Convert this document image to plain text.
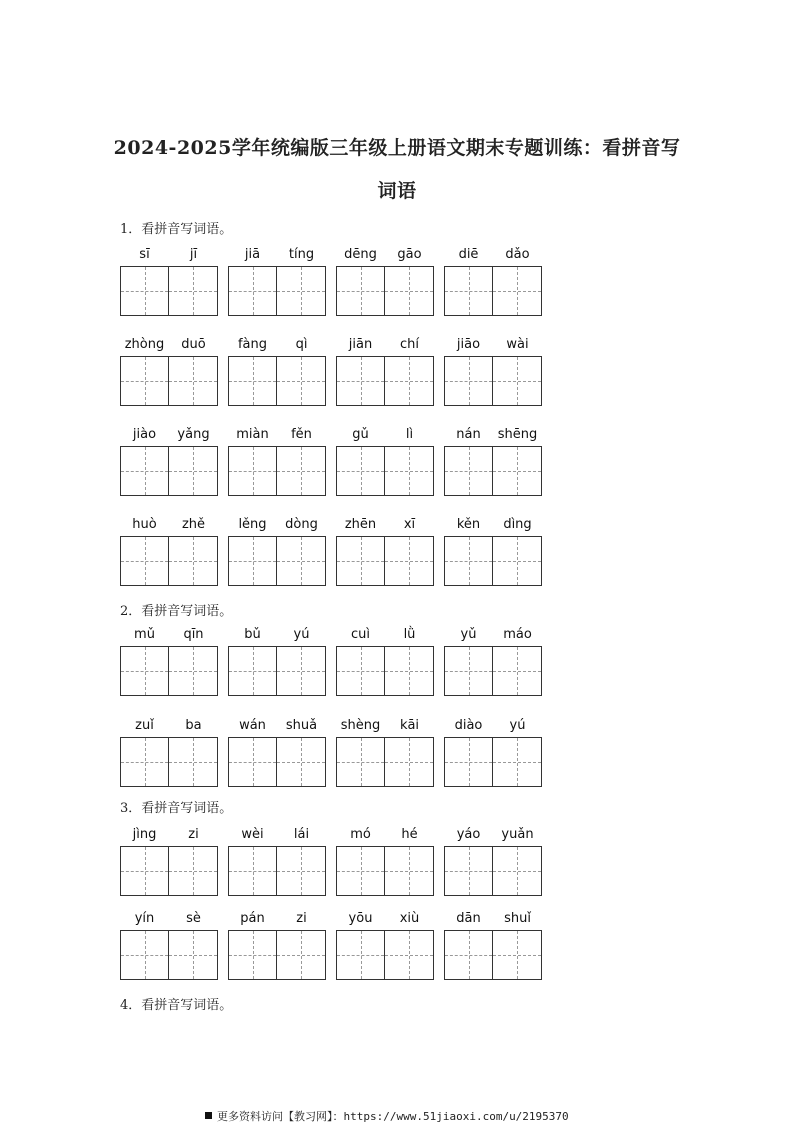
2024-2025学年统编版三年级上册语文期末专题训练：看拼音写
词语
1．看拼音写词语。
sī	jī	jiā	tíng	dēng	gāo	diē	dǎo
zhòng	duō	fàng	qì	jiān	chí	jiāo	wài
jiào	yǎng	miàn	fěn	gǔ	lì	nán	shēng
huò	zhě	lěng	dòng	zhēn	xī	kěn	dìng
2．看拼音写词语。
mǔ	qīn	bǔ	yú	cuì	lǜ	yǔ	máo
zuǐ	ba	wán	shuǎ	shèng	kāi	diào	yú
3．看拼音写词语。
jìng	zi	wèi	lái	mó	hé	yáo	yuǎn
yín	sè	pán	zi	yōu	xiù	dān	shuǐ
4．看拼音写词语。
更多资料访问【教习网】：https://www.51jiaoxi.com/u/2195370
